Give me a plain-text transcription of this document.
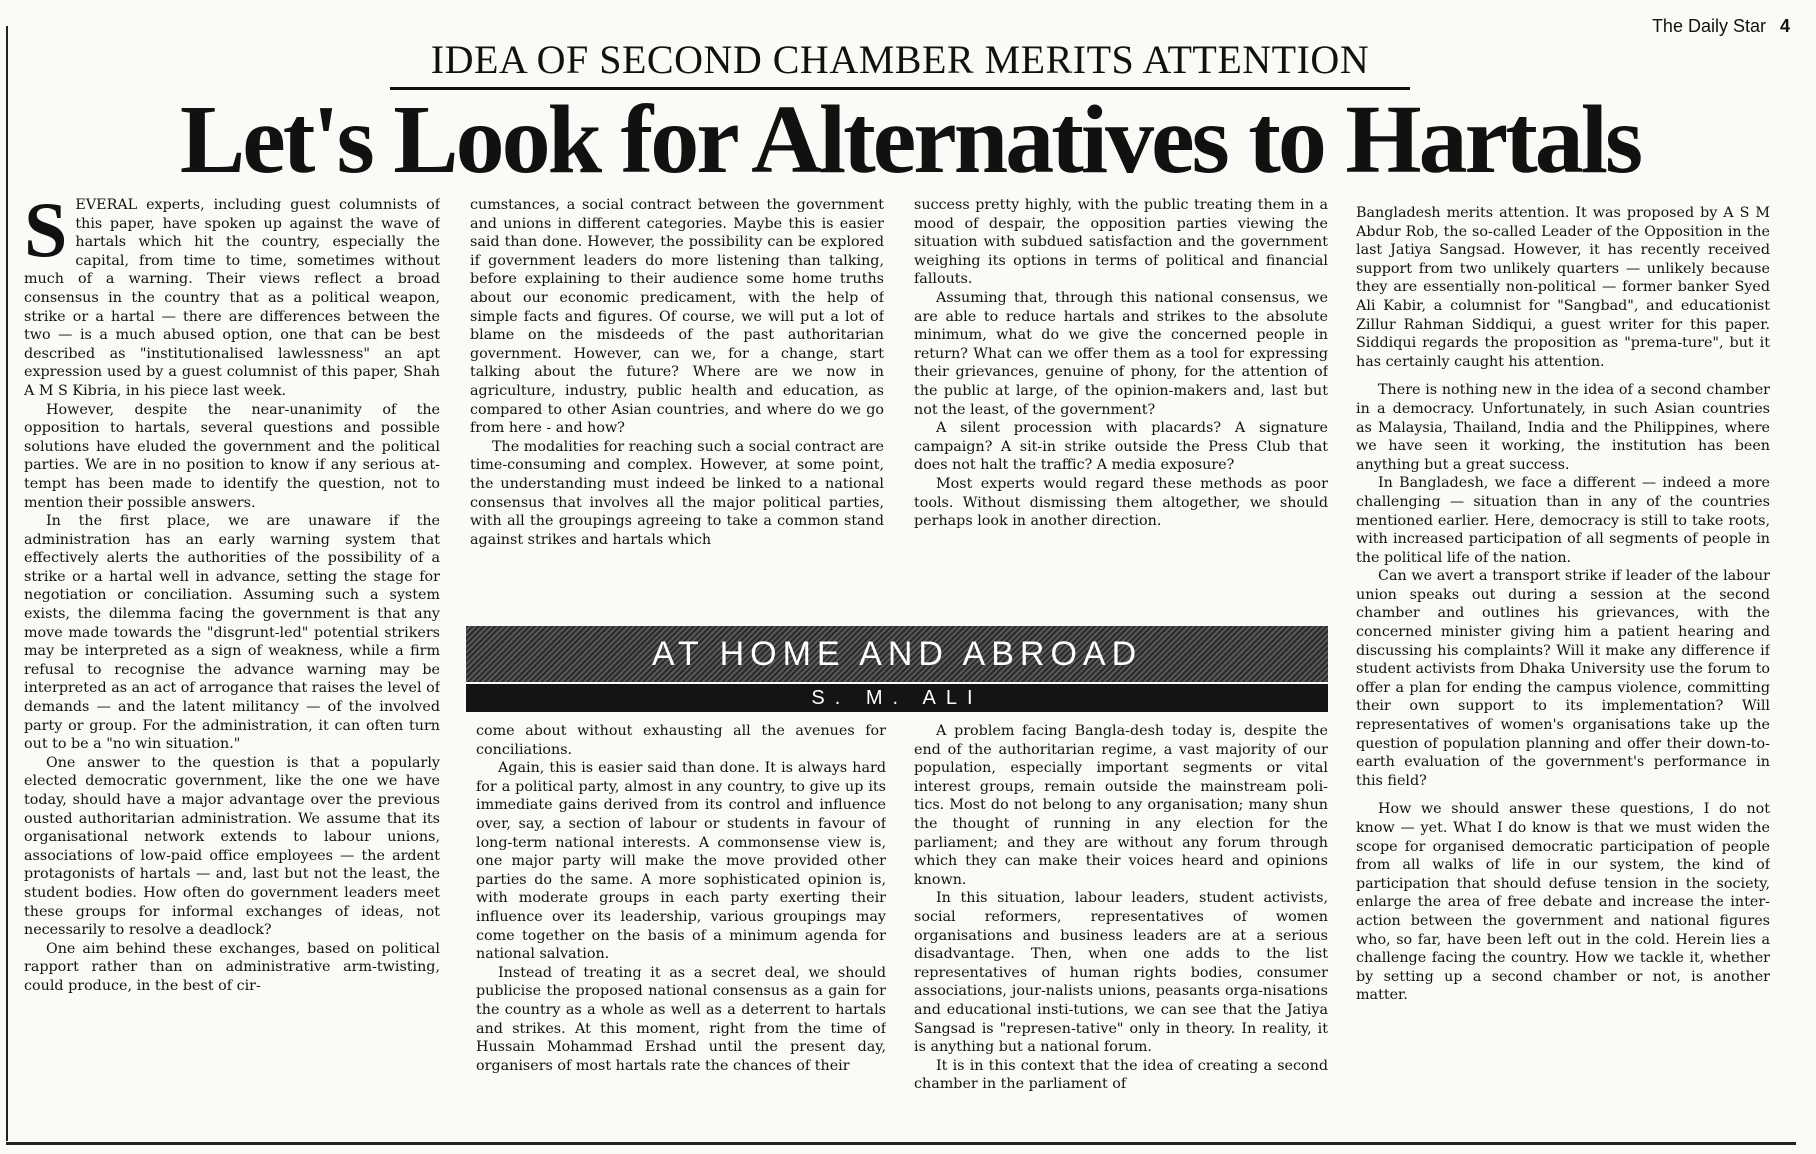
The Daily Star 4
IDEA OF SECOND CHAMBER MERITS ATTENTION
Let's Look for Alternatives to Hartals

SEVERAL experts, including guest columnists of this paper, have spoken up against the wave of hartals which hit the country, especially the capital, from time to time, sometimes without much of a warning. Their views reflect a broad consensus in the country that as a political weapon, strike or a hartal — there are differences between the two — is a much abused option, one that can be best described as "institutionalised lawlessness" an apt expression used by a guest columnist of this paper, Shah A M S Kibria, in his piece last week.

However, despite the near-unanimity of the opposition to hartals, several questions and possible solutions have eluded the government and the political parties. We are in no position to know if any serious at-tempt has been made to identify the question, not to mention their possible answers.

In the first place, we are unaware if the administration has an early warning system that effectively alerts the authorities of the possibility of a strike or a hartal well in advance, setting the stage for negotiation or conciliation. Assuming such a system exists, the dilemma facing the government is that any move made towards the "disgrunt-led" potential strikers may be interpreted as a sign of weakness, while a firm refusal to recognise the advance warning may be interpreted as an act of arrogance that raises the level of demands — and the latent militancy — of the involved party or group. For the administration, it can often turn out to be a "no win situation."

One answer to the question is that a popularly elected democratic government, like the one we have today, should have a major advantage over the previous ousted authoritarian administration. We assume that its organisational network extends to labour unions, associations of low-paid office employees — the ardent protagonists of hartals — and, last but not the least, the student bodies. How often do government leaders meet these groups for informal exchanges of ideas, not necessarily to resolve a deadlock?

One aim behind these exchanges, based on political rapport rather than on administrative arm-twisting, could produce, in the best of cir-

cumstances, a social contract between the government and unions in different categories. Maybe this is easier said than done. However, the possibility can be explored if government leaders do more listening than talking, before explaining to their audience some home truths about our economic predicament, with the help of simple facts and figures. Of course, we will put a lot of blame on the misdeeds of the past authoritarian government. However, can we, for a change, start talking about the future? Where are we now in agriculture, industry, public health and education, as compared to other Asian countries, and where do we go from here - and how?

The modalities for reaching such a social contract are time-consuming and complex. However, at some point, the understanding must indeed be linked to a national consensus that involves all the major political parties, with all the groupings agreeing to take a common stand against strikes and hartals which

success pretty highly, with the public treating them in a mood of despair, the opposition parties viewing the situation with subdued satisfaction and the government weighing its options in terms of political and financial fallouts.

Assuming that, through this national consensus, we are able to reduce hartals and strikes to the absolute minimum, what do we give the concerned people in return? What can we offer them as a tool for expressing their grievances, genuine of phony, for the attention of the public at large, of the opinion-makers and, last but not the least, of the government?

A silent procession with placards? A signature campaign? A sit-in strike outside the Press Club that does not halt the traffic? A media exposure?

Most experts would regard these methods as poor tools. Without dismissing them altogether, we should perhaps look in another direction.

Bangladesh merits attention. It was proposed by A S M Abdur Rob, the so-called Leader of the Opposition in the last Jatiya Sangsad. However, it has recently received support from two unlikely quarters — unlikely because they are essentially non-political — former banker Syed Ali Kabir, a columnist for "Sangbad", and educationist Zillur Rahman Siddiqui, a guest writer for this paper. Siddiqui regards the proposition as "prema-ture", but it has certainly caught his attention.

There is nothing new in the idea of a second chamber in a democracy. Unfortunately, in such Asian countries as Malaysia, Thailand, India and the Philippines, where we have seen it working, the institution has been anything but a great success.

In Bangladesh, we face a different — indeed a more challenging — situation than in any of the countries mentioned earlier. Here, democracy is still to take roots, with increased participation of all segments of people in the political life of the nation.

Can we avert a transport strike if leader of the labour union speaks out during a session at the second chamber and outlines his grievances, with the concerned minister giving him a patient hearing and discussing his complaints? Will it make any difference if student activists from Dhaka University use the forum to offer a plan for ending the campus violence, committing their own support to its implementation? Will representatives of women's organisations take up the question of population planning and offer their down-to-earth evaluation of the government's performance in this field?

How we should answer these questions, I do not know — yet. What I do know is that we must widen the scope for organised democratic participation of people from all walks of life in our system, the kind of participation that should defuse tension in the society, enlarge the area of free debate and increase the inter-action between the government and national figures who, so far, have been left out in the cold. Herein lies a challenge facing the country. How we tackle it, whether by setting up a second chamber or not, is another matter.

AT HOME AND ABROAD
S. M. ALI

come about without exhausting all the avenues for conciliations.

Again, this is easier said than done. It is always hard for a political party, almost in any country, to give up its immediate gains derived from its control and influence over, say, a section of labour or students in favour of long-term national interests. A commonsense view is, one major party will make the move provided other parties do the same. A more sophisticated opinion is, with moderate groups in each party exerting their influence over its leadership, various groupings may come together on the basis of a minimum agenda for national salvation.

Instead of treating it as a secret deal, we should publicise the proposed national consensus as a gain for the country as a whole as well as a deterrent to hartals and strikes. At this moment, right from the time of Hussain Mohammad Ershad until the present day, organisers of most hartals rate the chances of their

A problem facing Bangla-desh today is, despite the end of the authoritarian regime, a vast majority of our population, especially important segments or vital interest groups, remain outside the mainstream poli-tics. Most do not belong to any organisation; many shun the thought of running in any election for the parliament; and they are without any forum through which they can make their voices heard and opinions known.

In this situation, labour leaders, student activists, social reformers, representatives of women organisations and business leaders are at a serious disadvantage. Then, when one adds to the list representatives of human rights bodies, consumer associations, jour-nalists unions, peasants orga-nisations and educational insti-tutions, we can see that the Jatiya Sangsad is "represen-tative" only in theory. In reality, it is anything but a national forum.

It is in this context that the idea of creating a second chamber in the parliament of
